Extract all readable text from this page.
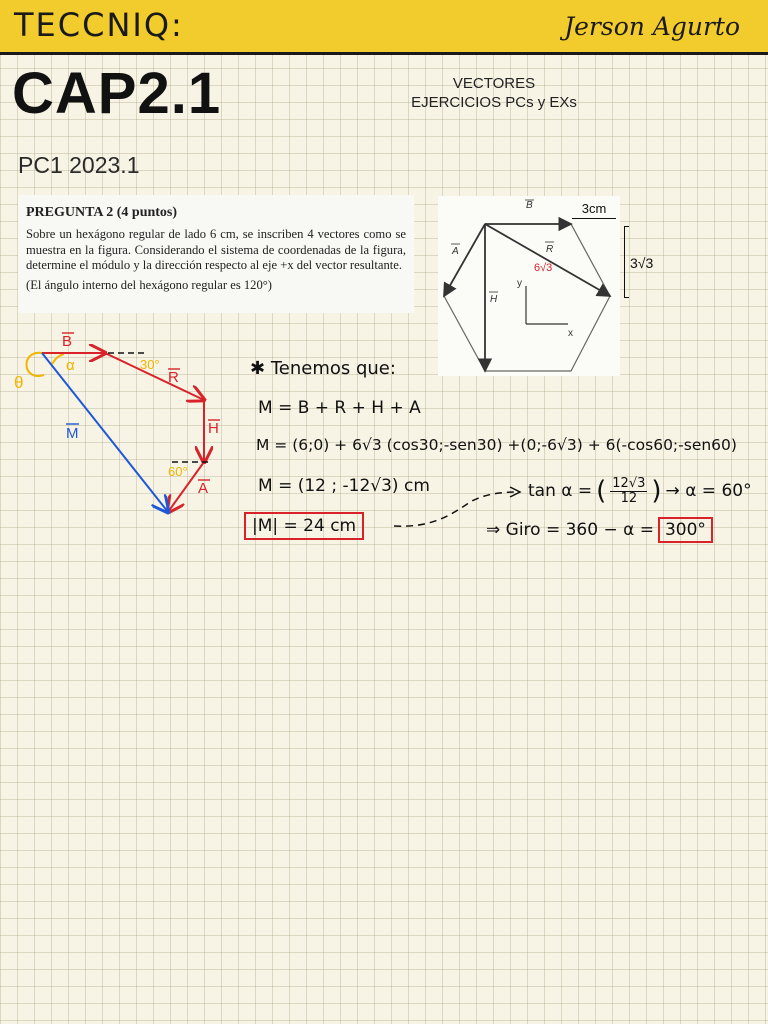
TECCNIQ:	Jerson Agurto
CAP2.1	VECTORES
EJERCICIOS PCs y EXs
PC1 2023.1
PREGUNTA 2 (4 puntos)
Sobre un hexágono regular de lado 6 cm, se inscriben 4 vectores como se muestra en la figura. Considerando el sistema de coordenadas de la figura, determine el módulo y la dirección respecto al eje +x del vector resultante.
(El ángulo interno del hexágono regular es 120°)
B
A	R
H
y
x
6√3
3cm
3√3
B
R
H
A
M
30°
60°
α
θ
✱ Tenemos que:
M = B + R + H + A
M = (6;0) + 6√3 (cos30;-sen30) +(0;-6√3) + 6(-cos60;-sen60)
M = (12 ; -12√3) cm
|M| = 24 cm
tan α = ( $\frac{12√3}{12}$ ) → α = 60°
⇒ Giro = 360 − α = 300°
